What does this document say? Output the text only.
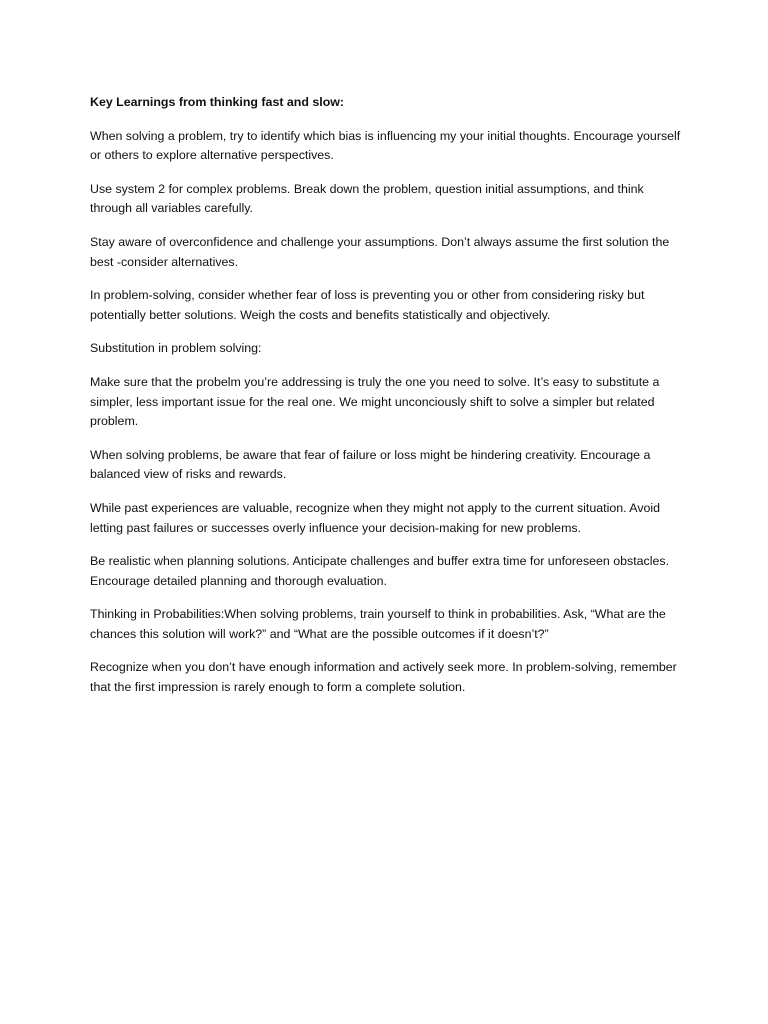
Key Learnings from thinking fast and slow:

When solving a problem, try to identify which bias is influencing my your initial thoughts. Encourage yourself or others to explore alternative perspectives.

Use system 2 for complex problems. Break down the problem, question initial assumptions, and think through all variables carefully.

Stay aware of overconfidence and challenge your assumptions. Don’t always assume the first solution the best -consider alternatives.

In problem-solving, consider whether fear of loss is preventing you or other from considering risky but potentially better solutions. Weigh the costs and benefits statistically and objectively.

Substitution in problem solving:

Make sure that the probelm you’re addressing is truly the one you need to solve. It’s easy to substitute a simpler, less important issue for the real one. We might unconciously shift to solve a simpler but related problem.

When solving problems, be aware that fear of failure or loss might be hindering creativity. Encourage a balanced view of risks and rewards.

While past experiences are valuable, recognize when they might not apply to the current situation. Avoid letting past failures or successes overly influence your decision-making for new problems.

Be realistic when planning solutions. Anticipate challenges and buffer extra time for unforeseen obstacles. Encourage detailed planning and thorough evaluation.

Thinking in Probabilities:When solving problems, train yourself to think in probabilities. Ask, “What are the chances this solution will work?” and “What are the possible outcomes if it doesn’t?”

Recognize when you don’t have enough information and actively seek more. In problem-solving, remember that the first impression is rarely enough to form a complete solution.
